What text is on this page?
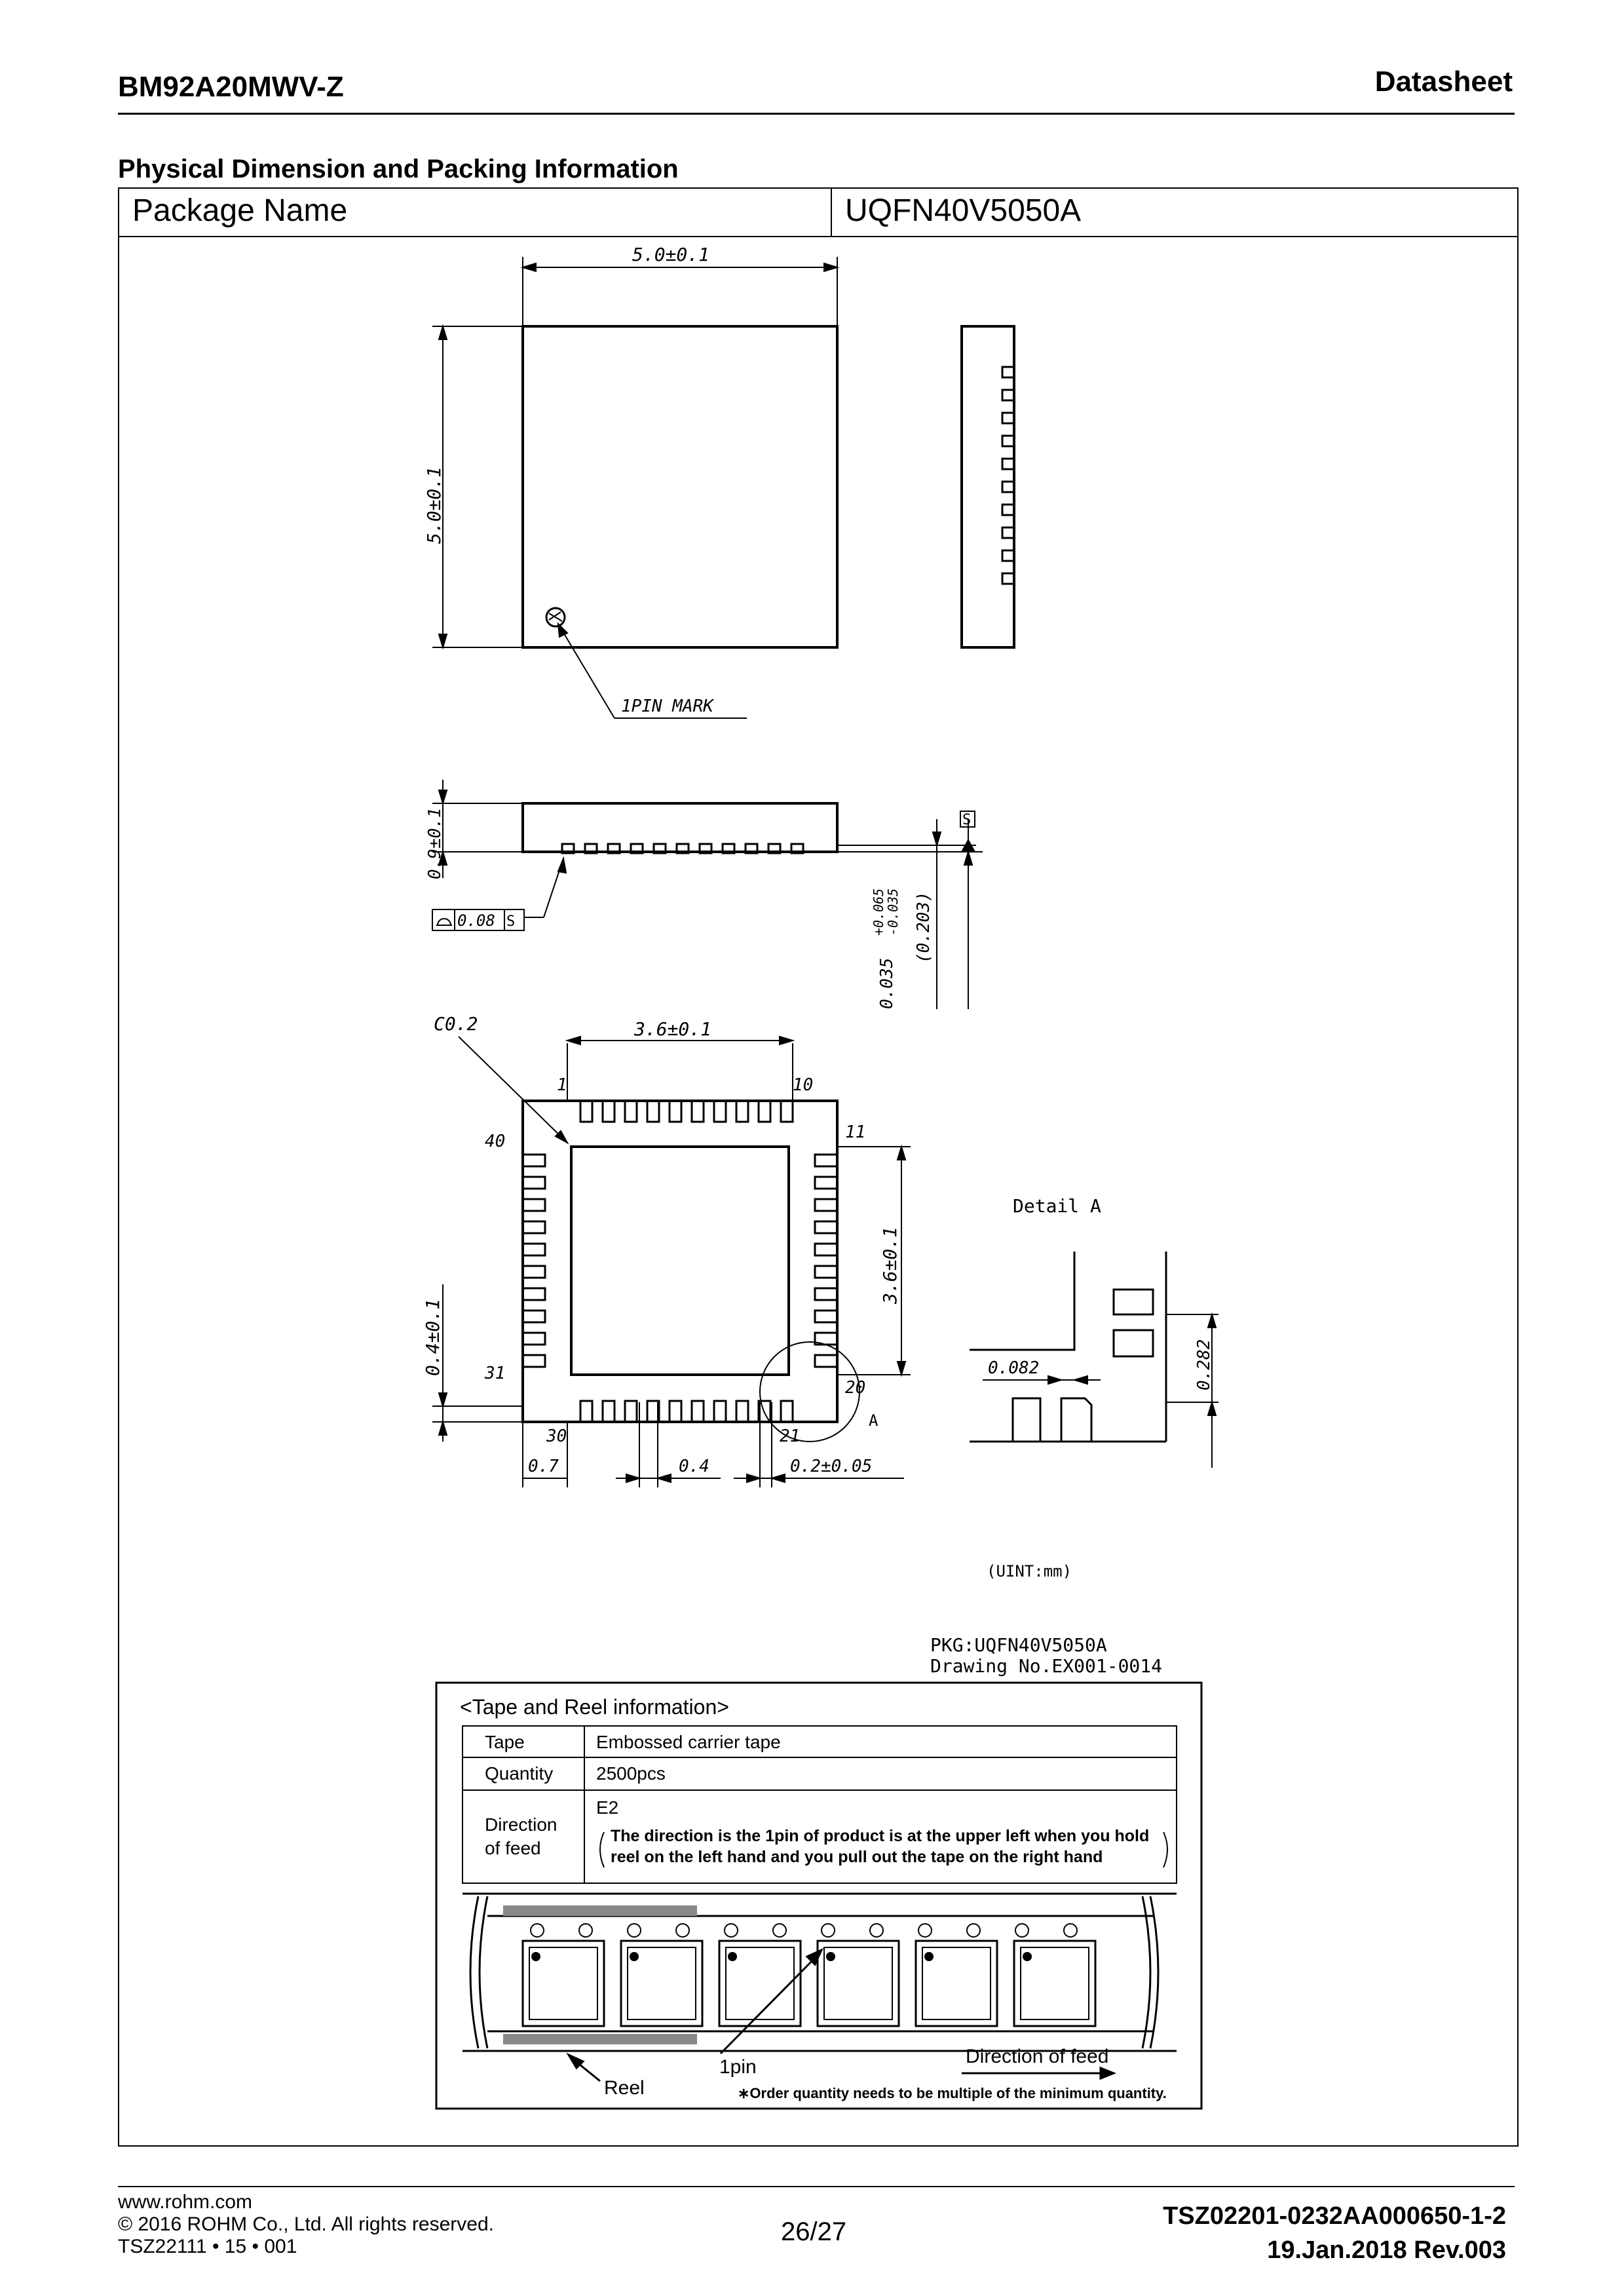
BM92A20MWV-Z	Datasheet
Physical Dimension and Packing Information
Package Name	UQFN40V5050A
5.0±0.1
5.0±0.1
1PIN MARK
0.9±0.1
0.08 S
S
0.035
+0.065
-0.035 (0.203)
C0.2	3.6±0.1
3.6±0.1
0.4±0.1
0.7	0.4	0.2±0.05
1	10
11
20
21
30
31
40
A
Detail A
0.082	0.282
(UINT:mm)
PKG:UQFN40V5050A
Drawing No.EX001-0014
<Tape and Reel information>
Tape	Embossed carrier tape
Quantity 2500pcs
Direction
of feed
E2
The direction is the 1pin of product is at the upper left when you hold
reel on the left hand and you pull out the tape on the right hand
1pin	Direction of feed
Reel	∗Order quantity needs to be multiple of the minimum quantity.
www.rohm.com
© 2016 ROHM Co., Ltd. All rights reserved.
TSZ22111 • 15 • 001
26/27
TSZ02201-0232AA000650-1-2
19.Jan.2018 Rev.003
